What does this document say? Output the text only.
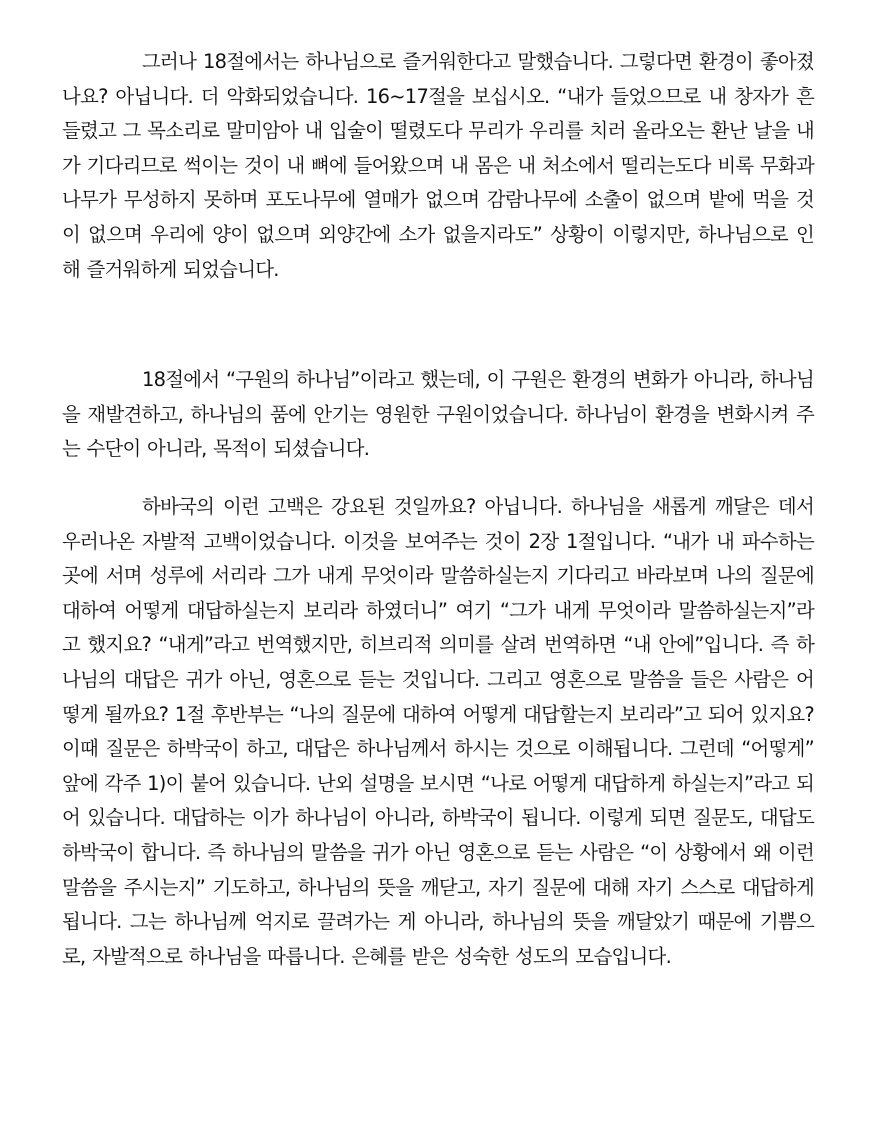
그러나 18절에서는 하나님으로 즐거워한다고 말했습니다. 그렇다면 환경이 좋아졌나요? 아닙니다. 더 악화되었습니다. 16~17절을 보십시오. “내가 들었으므로 내 창자가 흔들렸고 그 목소리로 말미암아 내 입술이 떨렸도다 무리가 우리를 치러 올라오는 환난 날을 내가 기다리므로 썩이는 것이 내 뼈에 들어왔으며 내 몸은 내 처소에서 떨리는도다 비록 무화과나무가 무성하지 못하며 포도나무에 열매가 없으며 감람나무에 소출이 없으며 밭에 먹을 것이 없으며 우리에 양이 없으며 외양간에 소가 없을지라도” 상황이 이렇지만, 하나님으로 인해 즐거워하게 되었습니다.

18절에서 “구원의 하나님”이라고 했는데, 이 구원은 환경의 변화가 아니라, 하나님을 재발견하고, 하나님의 품에 안기는 영원한 구원이었습니다. 하나님이 환경을 변화시켜 주는 수단이 아니라, 목적이 되셨습니다.

하바국의 이런 고백은 강요된 것일까요? 아닙니다. 하나님을 새롭게 깨달은 데서 우러나온 자발적 고백이었습니다. 이것을 보여주는 것이 2장 1절입니다. “내가 내 파수하는 곳에 서며 성루에 서리라 그가 내게 무엇이라 말씀하실는지 기다리고 바라보며 나의 질문에 대하여 어떻게 대답하실는지 보리라 하였더니” 여기 “그가 내게 무엇이라 말씀하실는지”라고 했지요? “내게”라고 번역했지만, 히브리적 의미를 살려 번역하면 “내 안에”입니다. 즉 하나님의 대답은 귀가 아닌, 영혼으로 듣는 것입니다. 그리고 영혼으로 말씀을 들은 사람은 어떻게 될까요? 1절 후반부는 “나의 질문에 대하여 어떻게 대답할는지 보리라”고 되어 있지요? 이때 질문은 하박국이 하고, 대답은 하나님께서 하시는 것으로 이해됩니다. 그런데 “어떻게” 앞에 각주 1)이 붙어 있습니다. 난외 설명을 보시면 “나로 어떻게 대답하게 하실는지”라고 되어 있습니다. 대답하는 이가 하나님이 아니라, 하박국이 됩니다. 이렇게 되면 질문도, 대답도 하박국이 합니다. 즉 하나님의 말씀을 귀가 아닌 영혼으로 듣는 사람은 “이 상황에서 왜 이런 말씀을 주시는지” 기도하고, 하나님의 뜻을 깨닫고, 자기 질문에 대해 자기 스스로 대답하게 됩니다. 그는 하나님께 억지로 끌려가는 게 아니라, 하나님의 뜻을 깨달았기 때문에 기쁨으로, 자발적으로 하나님을 따릅니다. 은혜를 받은 성숙한 성도의 모습입니다.
